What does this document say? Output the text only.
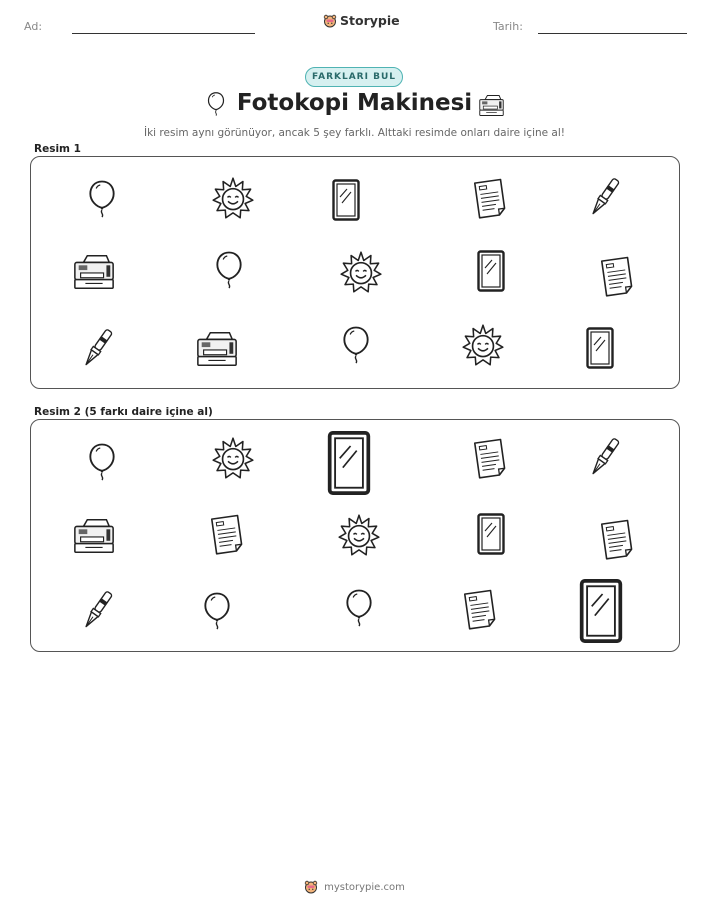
Ad:	Storypie	Tarih:
FARKLARI BUL
Fotokopi Makinesi
İki resim aynı görünüyor, ancak 5 şey farklı. Alttaki resimde onları daire içine al!
Resim 1
Resim 2 (5 farkı daire içine al)
mystorypie.com
